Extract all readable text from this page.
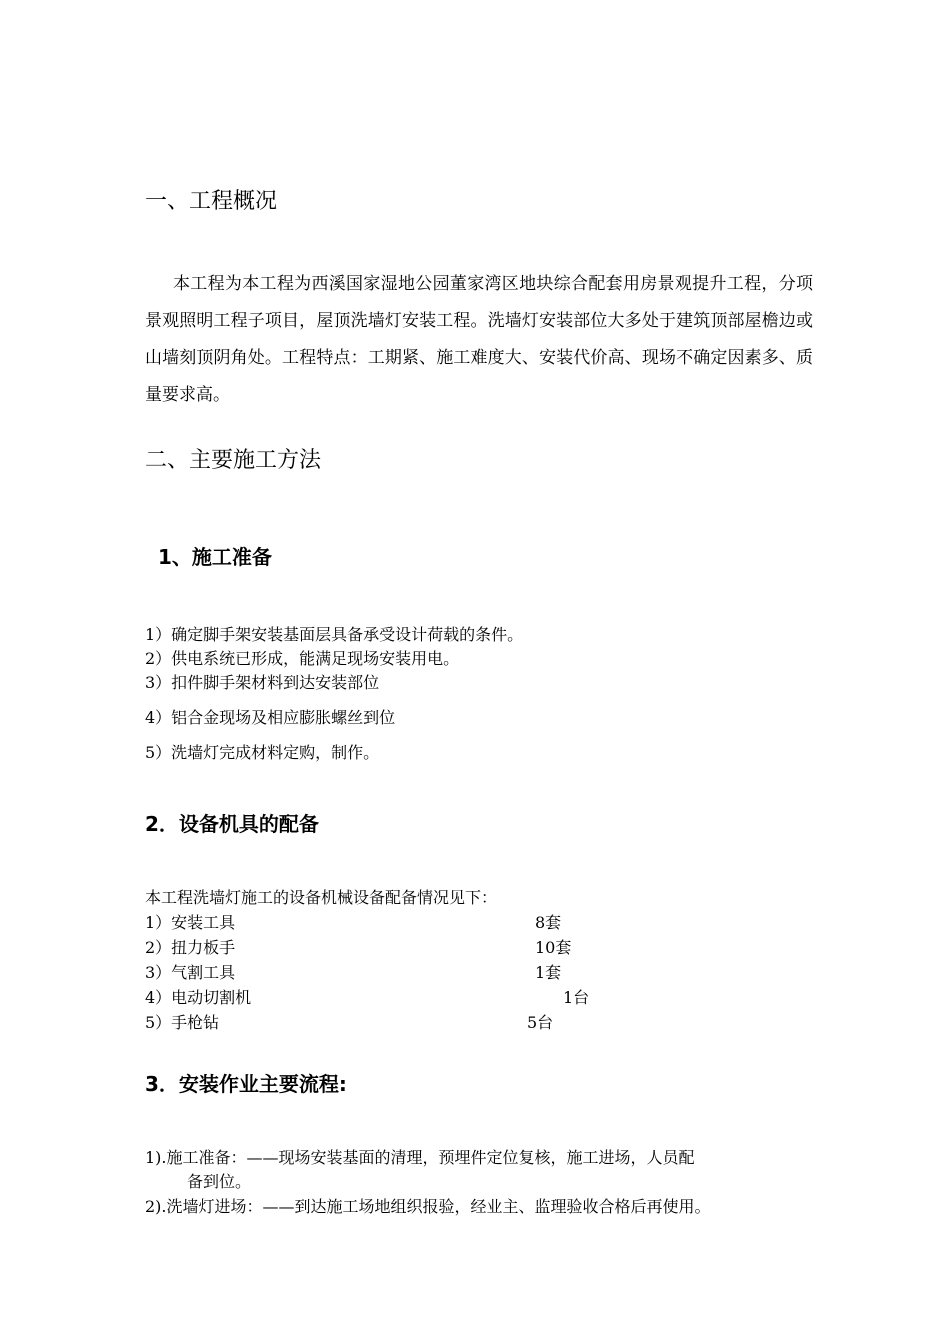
一、工程概况
本工程为本工程为西溪国家湿地公园董家湾区地块综合配套用房景观提升工程，分项景观照明工程子项目，屋顶洗墙灯安装工程。洗墙灯安装部位大多处于建筑顶部屋檐边或山墙刻顶阴角处。工程特点：工期紧、施工难度大、安装代价高、现场不确定因素多、质量要求高。
二、主要施工方法
1、施工准备
1）确定脚手架安装基面层具备承受设计荷载的条件。
2）供电系统已形成，能满足现场安装用电。
3）扣件脚手架材料到达安装部位
4）铝合金现场及相应膨胀螺丝到位
5）洗墙灯完成材料定购，制作。
2．设备机具的配备
本工程洗墙灯施工的设备机械设备配备情况见下：
1）安装工具	8套
2）扭力板手	10套
3）气割工具	1套
4）电动切割机	1台
5）手枪钻	5台
3．安装作业主要流程:
1).施工准备：——现场安装基面的清理，预埋件定位复核，施工进场，人员配
备到位。
2).洗墙灯进场：——到达施工场地组织报验，经业主、监理验收合格后再使用。
